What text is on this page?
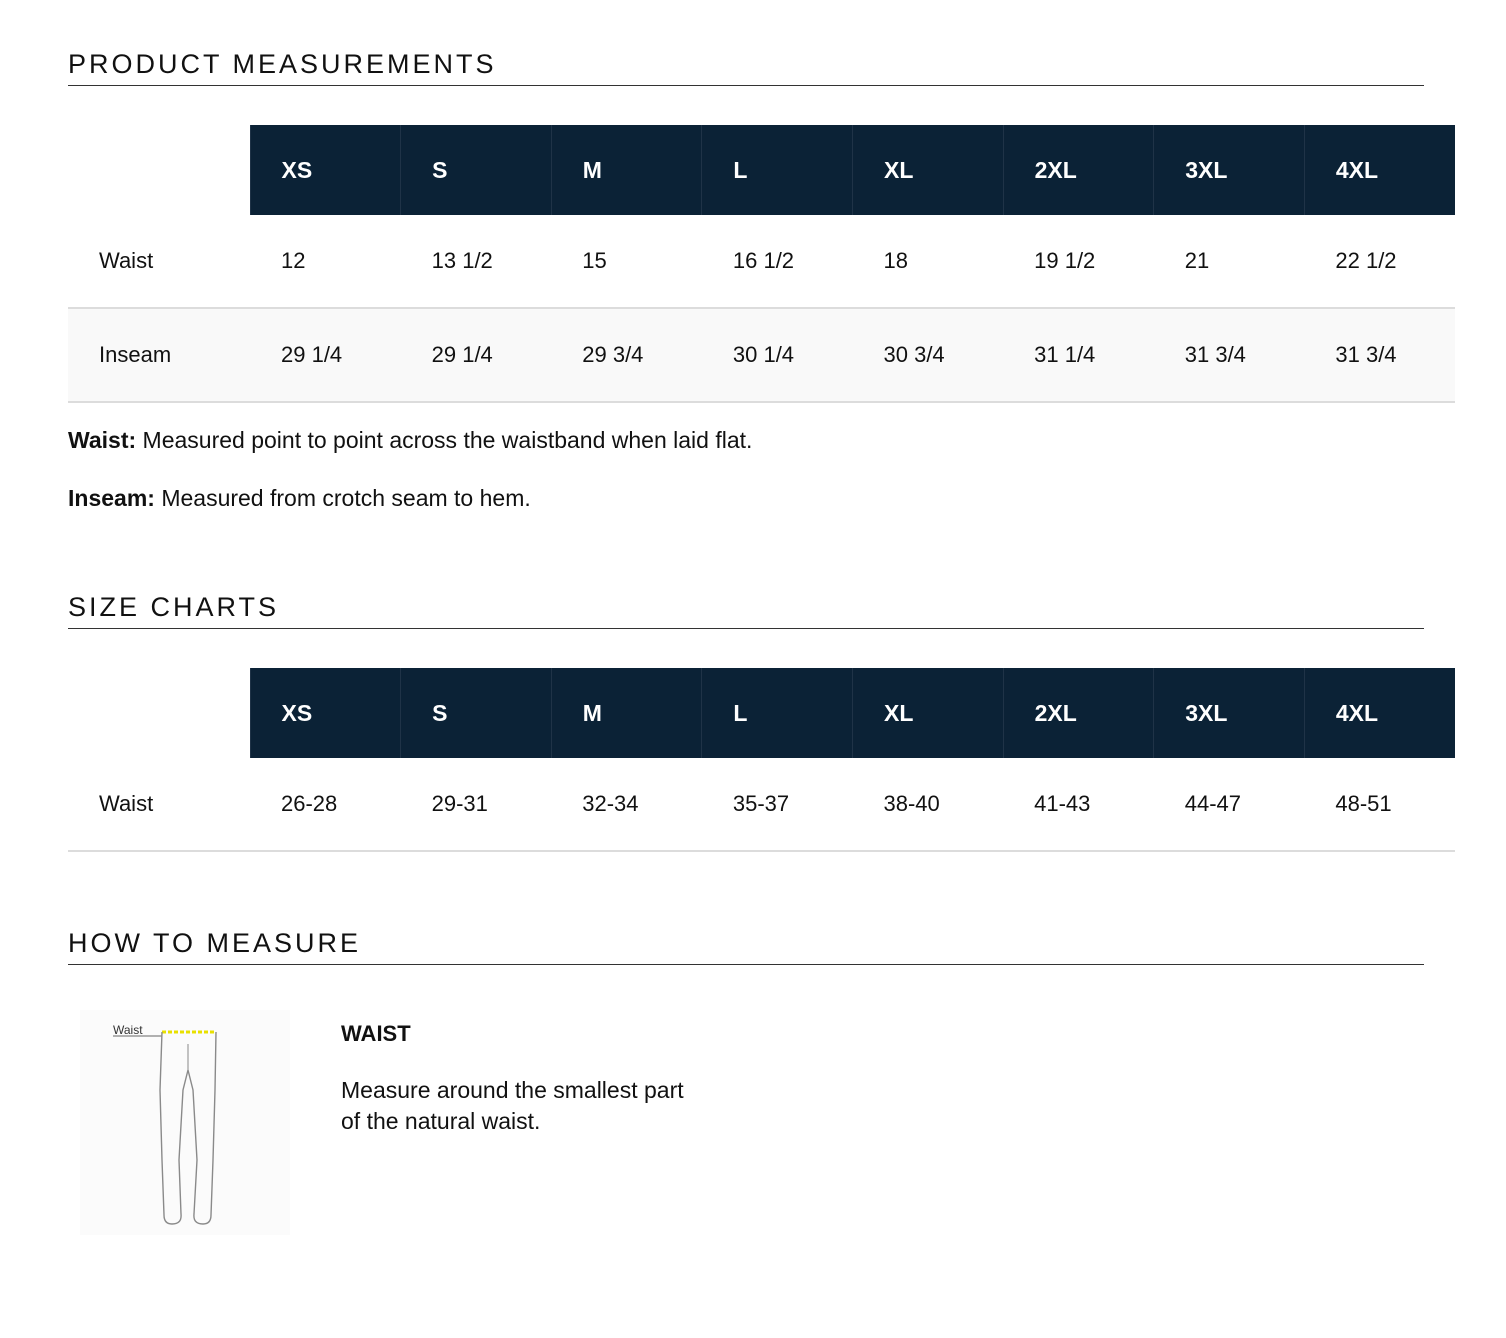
PRODUCT MEASUREMENTS
	XS	S	M	L	XL	2XL	3XL	4XL
Waist	12	13 1/2	15	16 1/2	18	19 1/2	21	22 1/2
Inseam	29 1/4	29 1/4	29 3/4	30 1/4	30 3/4	31 1/4	31 3/4	31 3/4
Waist: Measured point to point across the waistband when laid flat.
Inseam: Measured from crotch seam to hem.
SIZE CHARTS
	XS	S	M	L	XL	2XL	3XL	4XL
Waist	26-28	29-31	32-34	35-37	38-40	41-43	44-47	48-51
HOW TO MEASURE
Waist	WAIST
Measure around the smallest part
of the natural waist.
